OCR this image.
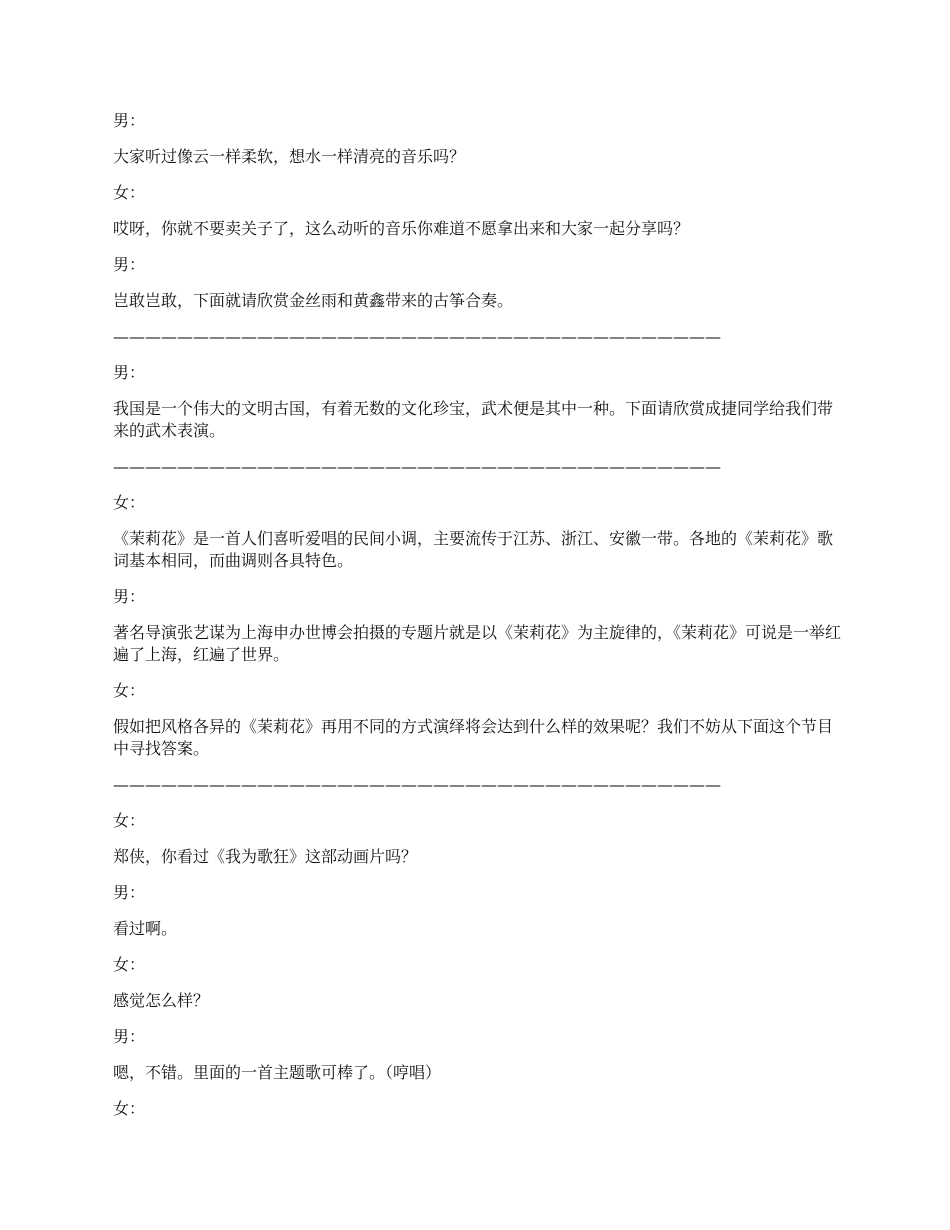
男：

大家听过像云一样柔软，想水一样清亮的音乐吗？

女：

哎呀，你就不要卖关子了，这么动听的音乐你难道不愿拿出来和大家一起分享吗？

男：

岂敢岂敢，下面就请欣赏金丝雨和黄鑫带来的古筝合奏。

——————————————————————————————————————

男：

我国是一个伟大的文明古国，有着无数的文化珍宝，武术便是其中一种。下面请欣赏成捷同学给我们带来的武术表演。

——————————————————————————————————————

女：

《茉莉花》是一首人们喜听爱唱的民间小调，主要流传于江苏、浙江、安徽一带。各地的《茉莉花》歌词基本相同，而曲调则各具特色。

男：

著名导演张艺谋为上海申办世博会拍摄的专题片就是以《茉莉花》为主旋律的，《茉莉花》可说是一举红遍了上海，红遍了世界。

女：

假如把风格各异的《茉莉花》再用不同的方式演绎将会达到什么样的效果呢？我们不妨从下面这个节目中寻找答案。

——————————————————————————————————————

女：

郑侠，你看过《我为歌狂》这部动画片吗？

男：

看过啊。

女：

感觉怎么样？

男：

嗯，不错。里面的一首主题歌可棒了。（哼唱）

女：
